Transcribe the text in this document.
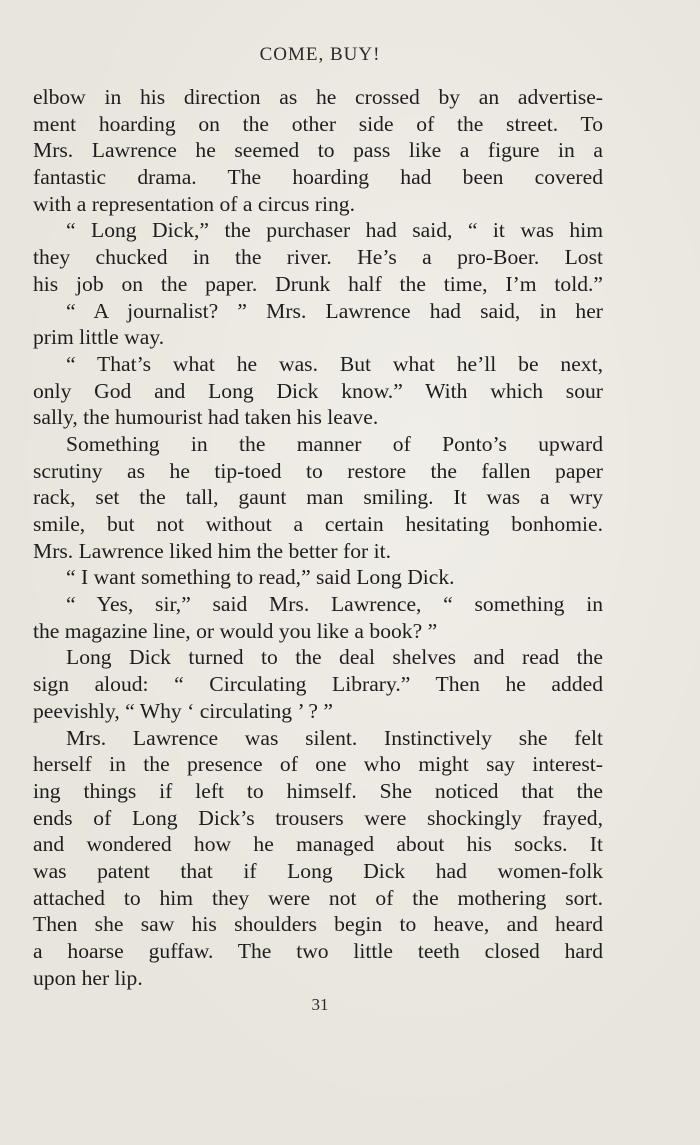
COME, BUY!
elbow in his direction as he crossed by an advertise-
ment hoarding on the other side of the street. To
Mrs. Lawrence he seemed to pass like a figure in a
fantastic drama. The hoarding had been covered
with a representation of a circus ring.
“ Long Dick,” the purchaser had said, “ it was him
they chucked in the river. He’s a pro-Boer. Lost
his job on the paper. Drunk half the time, I’m told.”
“ A journalist? ” Mrs. Lawrence had said, in her
prim little way.
“ That’s what he was. But what he’ll be next,
only God and Long Dick know.” With which sour
sally, the humourist had taken his leave.
Something in the manner of Ponto’s upward
scrutiny as he tip-toed to restore the fallen paper
rack, set the tall, gaunt man smiling. It was a wry
smile, but not without a certain hesitating bonhomie.
Mrs. Lawrence liked him the better for it.
“ I want something to read,” said Long Dick.
“ Yes, sir,” said Mrs. Lawrence, “ something in
the magazine line, or would you like a book? ”
Long Dick turned to the deal shelves and read the
sign aloud: “ Circulating Library.” Then he added
peevishly, “ Why ‘ circulating ’ ? ”
Mrs. Lawrence was silent. Instinctively she felt
herself in the presence of one who might say interest-
ing things if left to himself. She noticed that the
ends of Long Dick’s trousers were shockingly frayed,
and wondered how he managed about his socks. It
was patent that if Long Dick had women-folk
attached to him they were not of the mothering sort.
Then she saw his shoulders begin to heave, and heard
a hoarse guffaw. The two little teeth closed hard
upon her lip.
31
